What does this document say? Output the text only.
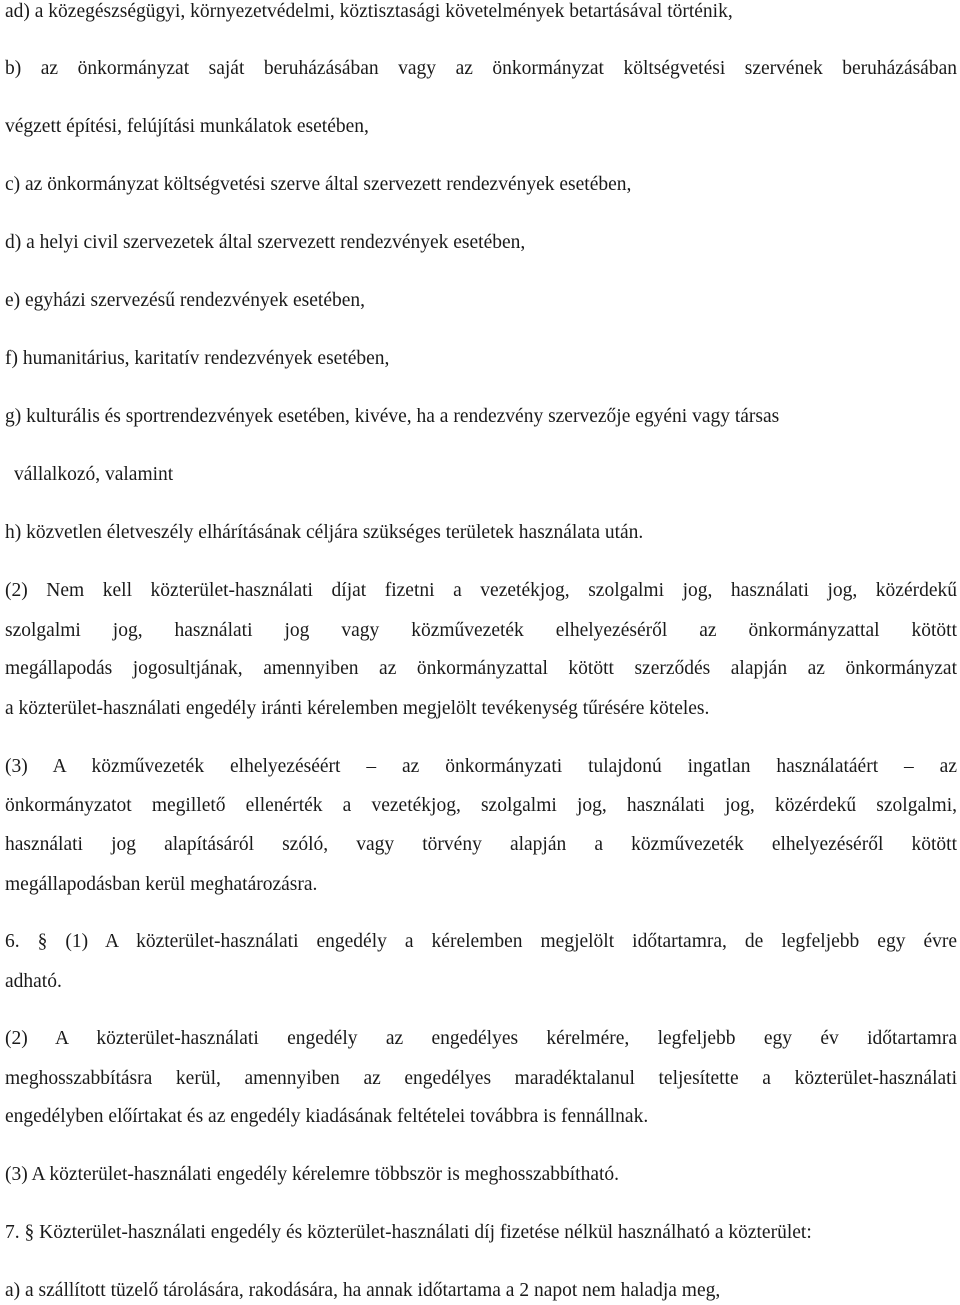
ad) a közegészségügyi, környezetvédelmi, köztisztasági követelmények betartásával történik,
b) az önkormányzat saját beruházásában vagy az önkormányzat költségvetési szervének beruházásában
végzett építési, felújítási munkálatok esetében,
c) az önkormányzat költségvetési szerve által szervezett rendezvények esetében,
d) a helyi civil szervezetek által szervezett rendezvények esetében,
e) egyházi szervezésű rendezvények esetében,
f) humanitárius, karitatív rendezvények esetében,
g) kulturális és sportrendezvények esetében, kivéve, ha a rendezvény szervezője egyéni vagy társas
vállalkozó, valamint
h) közvetlen életveszély elhárításának céljára szükséges területek használata után.
(2) Nem kell közterület-használati díjat fizetni a vezetékjog, szolgalmi jog, használati jog, közérdekű
szolgalmi jog, használati jog vagy közművezeték elhelyezéséről az önkormányzattal kötött
megállapodás jogosultjának, amennyiben az önkormányzattal kötött szerződés alapján az önkormányzat
a közterület-használati engedély iránti kérelemben megjelölt tevékenység tűrésére köteles.
(3) A közművezeték elhelyezéséért – az önkormányzati tulajdonú ingatlan használatáért – az
önkormányzatot megillető ellenérték a vezetékjog, szolgalmi jog, használati jog, közérdekű szolgalmi,
használati jog alapításáról szóló, vagy törvény alapján a közművezeték elhelyezéséről kötött
megállapodásban kerül meghatározásra.
6. § (1) A közterület-használati engedély a kérelemben megjelölt időtartamra, de legfeljebb egy évre
adható.
(2) A közterület-használati engedély az engedélyes kérelmére, legfeljebb egy év időtartamra
meghosszabbításra kerül, amennyiben az engedélyes maradéktalanul teljesítette a közterület-használati
engedélyben előírtakat és az engedély kiadásának feltételei továbbra is fennállnak.
(3) A közterület-használati engedély kérelemre többször is meghosszabbítható.
7. § Közterület-használati engedély és közterület-használati díj fizetése nélkül használható a közterület:
a) a szállított tüzelő tárolására, rakodására, ha annak időtartama a 2 napot nem haladja meg,
